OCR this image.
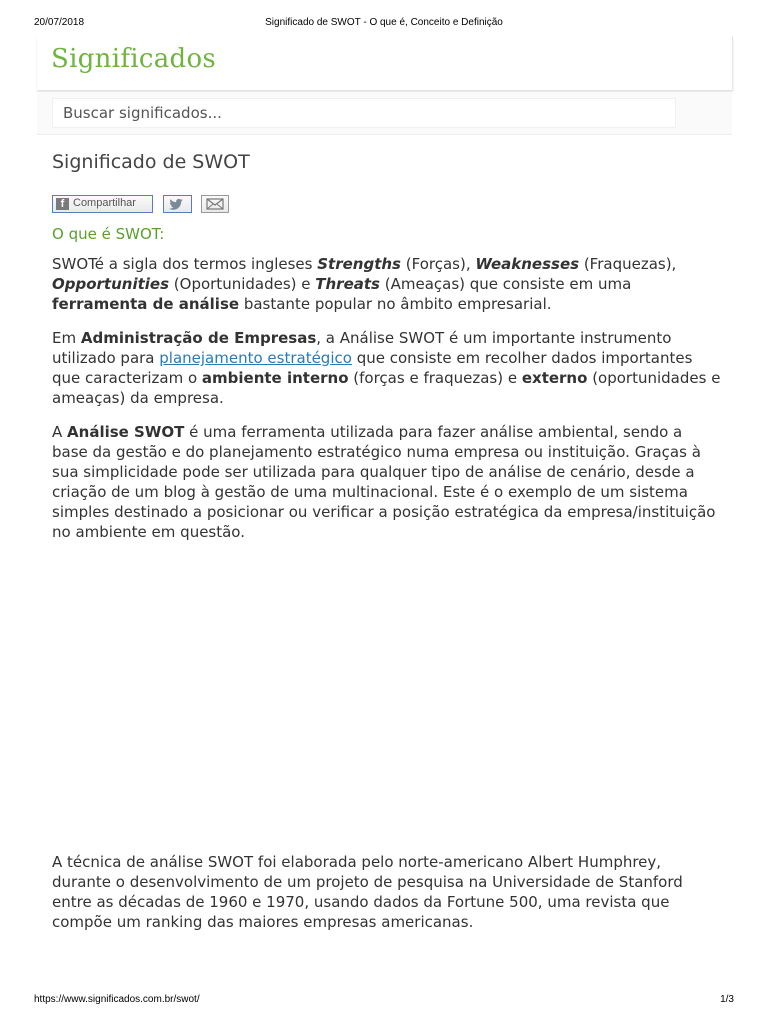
20/07/2018	Significado de SWOT - O que é, Conceito e Definição
Significados
Buscar significados...
Significado de SWOT
f Compartilhar
O que é SWOT:

SWOTé a sigla dos termos ingleses Strengths (Forças), Weaknesses (Fraquezas), Opportunities (Oportunidades) e Threats (Ameaças) que consiste em uma ferramenta de análise bastante popular no âmbito empresarial.

Em Administração de Empresas, a Análise SWOT é um importante instrumento utilizado para planejamento estratégico que consiste em recolher dados importantes que caracterizam o ambiente interno (forças e fraquezas) e externo (oportunidades e ameaças) da empresa.

A Análise SWOT é uma ferramenta utilizada para fazer análise ambiental, sendo a base da gestão e do planejamento estratégico numa empresa ou instituição. Graças à sua simplicidade pode ser utilizada para qualquer tipo de análise de cenário, desde a criação de um blog à gestão de uma multinacional. Este é o exemplo de um sistema simples destinado a posicionar ou verificar a posição estratégica da empresa/instituição no ambiente em questão.

A técnica de análise SWOT foi elaborada pelo norte-americano Albert Humphrey, durante o desenvolvimento de um projeto de pesquisa na Universidade de Stanford entre as décadas de 1960 e 1970, usando dados da Fortune 500, uma revista que compõe um ranking das maiores empresas americanas.

https://www.significados.com.br/swot/	1/3
